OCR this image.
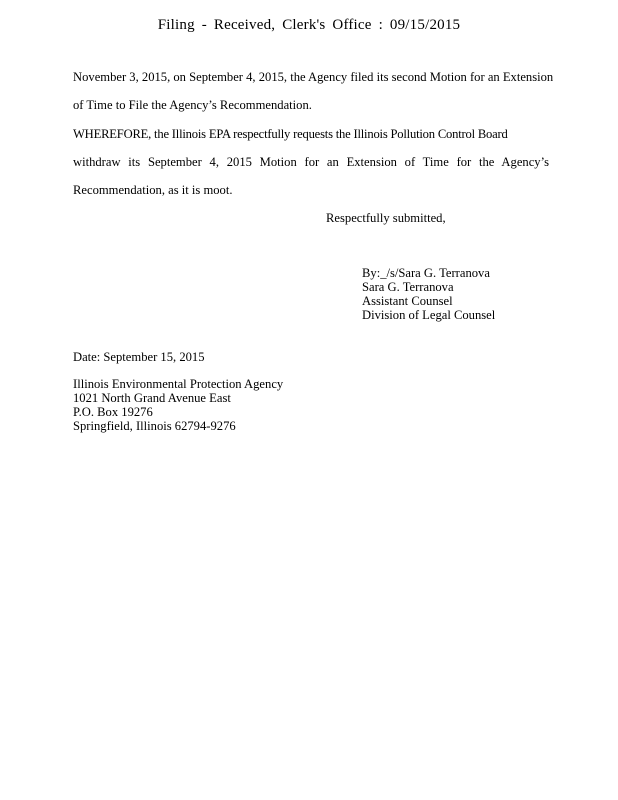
Filing - Received, Clerk's Office : 09/15/2015
November 3, 2015, on September 4, 2015, the Agency filed its second Motion for an Extension
of Time to File the Agency’s Recommendation.
WHEREFORE, the Illinois EPA respectfully requests the Illinois Pollution Control Board
withdraw its September 4, 2015 Motion for an Extension of Time for the Agency’s
Recommendation, as it is moot.
Respectfully submitted,
By:_/s/Sara G. Terranova
Sara G. Terranova
Assistant Counsel
Division of Legal Counsel
Date: September 15, 2015
Illinois Environmental Protection Agency
1021 North Grand Avenue East
P.O. Box 19276
Springfield, Illinois 62794-9276
